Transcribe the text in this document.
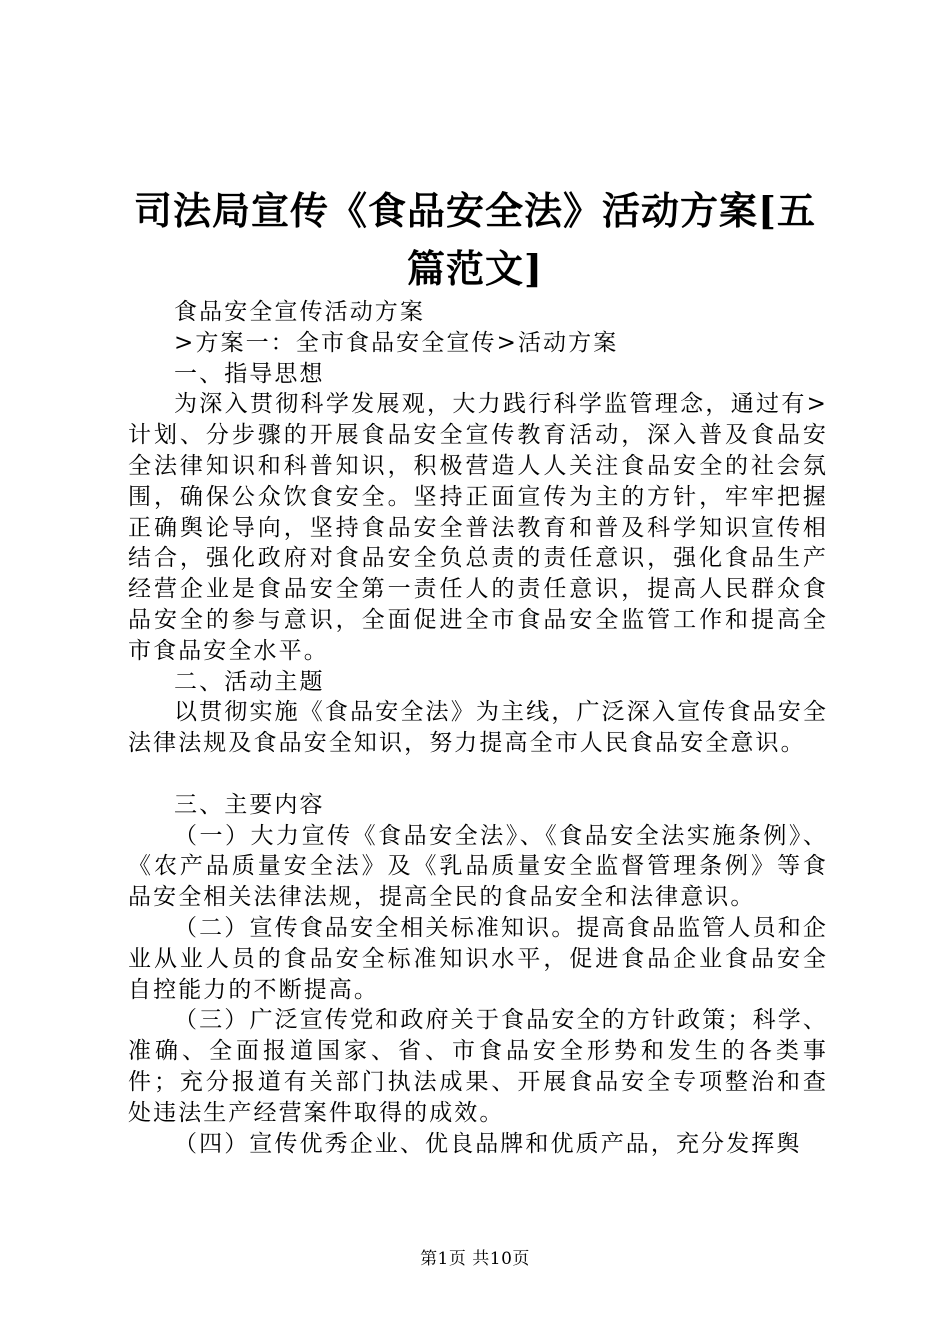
司法局宣传《食品安全法》活动方案[五篇范文]

食品安全宣传活动方案

>方案一：全市食品安全宣传>活动方案

一、指导思想

为深入贯彻科学发展观，大力践行科学监管理念，通过有>计划、分步骤的开展食品安全宣传教育活动，深入普及食品安全法律知识和科普知识，积极营造人人关注食品安全的社会氛围，确保公众饮食安全。坚持正面宣传为主的方针，牢牢把握正确舆论导向，坚持食品安全普法教育和普及科学知识宣传相结合，强化政府对食品安全负总责的责任意识，强化食品生产经营企业是食品安全第一责任人的责任意识，提高人民群众食品安全的参与意识，全面促进全市食品安全监管工作和提高全市食品安全水平。

二、活动主题

以贯彻实施《食品安全法》为主线，广泛深入宣传食品安全法律法规及食品安全知识，努力提高全市人民食品安全意识。

三、主要内容

（一）大力宣传《食品安全法》、《食品安全法实施条例》、《农产品质量安全法》及《乳品质量安全监督管理条例》等食品安全相关法律法规，提高全民的食品安全和法律意识。

（二）宣传食品安全相关标准知识。提高食品监管人员和企业从业人员的食品安全标准知识水平，促进食品企业食品安全自控能力的不断提高。

（三）广泛宣传党和政府关于食品安全的方针政策；科学、准确、全面报道国家、省、市食品安全形势和发生的各类事件；充分报道有关部门执法成果、开展食品安全专项整治和查处违法生产经营案件取得的成效。

（四）宣传优秀企业、优良品牌和优质产品，充分发挥舆

第1页 共10页
